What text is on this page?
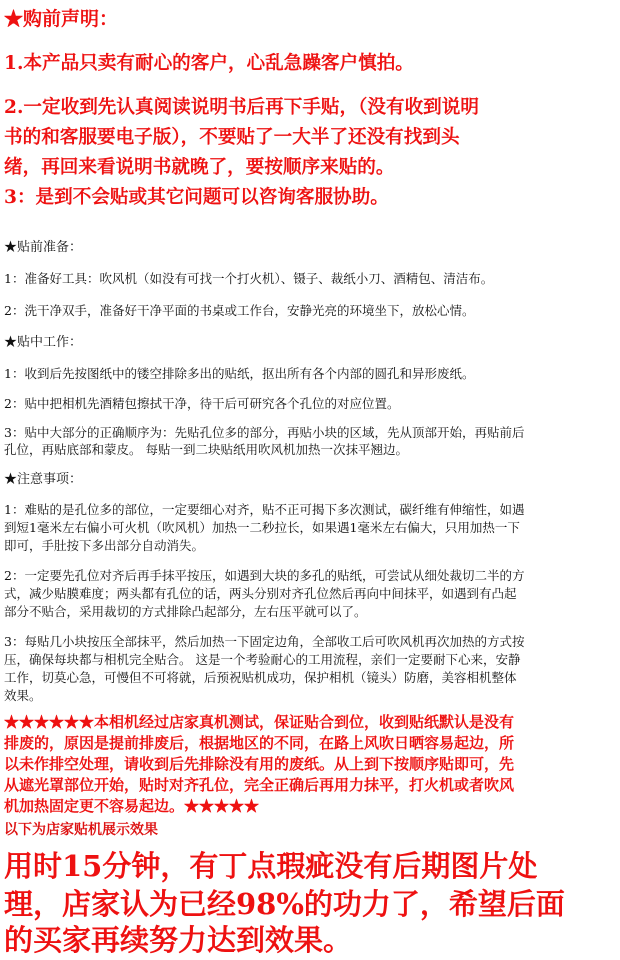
★购前声明：
1.本产品只卖有耐心的客户，心乱急躁客户慎拍。
2.一定收到先认真阅读说明书后再下手贴，（没有收到说明
书的和客服要电子版），不要贴了一大半了还没有找到头
绪，再回来看说明书就晚了，要按顺序来贴的。
3：是到不会贴或其它问题可以咨询客服协助。
★贴前准备：
1：准备好工具：吹风机（如没有可找一个打火机）、镊子、裁纸小刀、酒精包、清洁布。
2：洗干净双手，准备好干净平面的书桌或工作台，安静光亮的环境坐下，放松心情。
★贴中工作：
1：收到后先按图纸中的镂空排除多出的贴纸，抠出所有各个内部的圆孔和异形废纸。
2：贴中把相机先酒精包擦拭干净，待干后可研究各个孔位的对应位置。
3：贴中大部分的正确顺序为：先贴孔位多的部分，再贴小块的区域，先从顶部开始，再贴前后
孔位，再贴底部和蒙皮。 每贴一到二块贴纸用吹风机加热一次抹平翘边。
★注意事项：
1：难贴的是孔位多的部位，一定要细心对齐，贴不正可揭下多次测试，碳纤维有伸缩性，如遇
到短1毫米左右偏小可火机（吹风机）加热一二秒拉长，如果遇1毫米左右偏大，只用加热一下
即可，手肚按下多出部分自动消失。
2：一定要先孔位对齐后再手抹平按压，如遇到大块的多孔的贴纸，可尝试从细处裁切二半的方
式，减少贴膜难度；两头都有孔位的话，两头分别对齐孔位然后再向中间抹平，如遇到有凸起
部分不贴合，采用裁切的方式排除凸起部分，左右压平就可以了。
3：每贴几小块按压全部抹平，然后加热一下固定边角，全部收工后可吹风机再次加热的方式按
压，确保每块都与相机完全贴合。 这是一个考验耐心的工用流程，亲们一定要耐下心来，安静
工作，切莫心急，可慢但不可将就，后预祝贴机成功，保护相机（镜头）防磨，美容相机整体
效果。
★★★★★★本相机经过店家真机测试，保证贴合到位，收到贴纸默认是没有
排废的，原因是提前排废后，根据地区的不同，在路上风吹日晒容易起边，所
以未作排空处理，请收到后先排除没有用的废纸。从上到下按顺序贴即可，先
从遮光罩部位开始，贴时对齐孔位，完全正确后再用力抹平，打火机或者吹风
机加热固定更不容易起边。★★★★★
以下为店家贴机展示效果
用时15分钟，有丁点瑕疵没有后期图片处
理，店家认为已经98%的功力了，希望后面
的买家再续努力达到效果。
